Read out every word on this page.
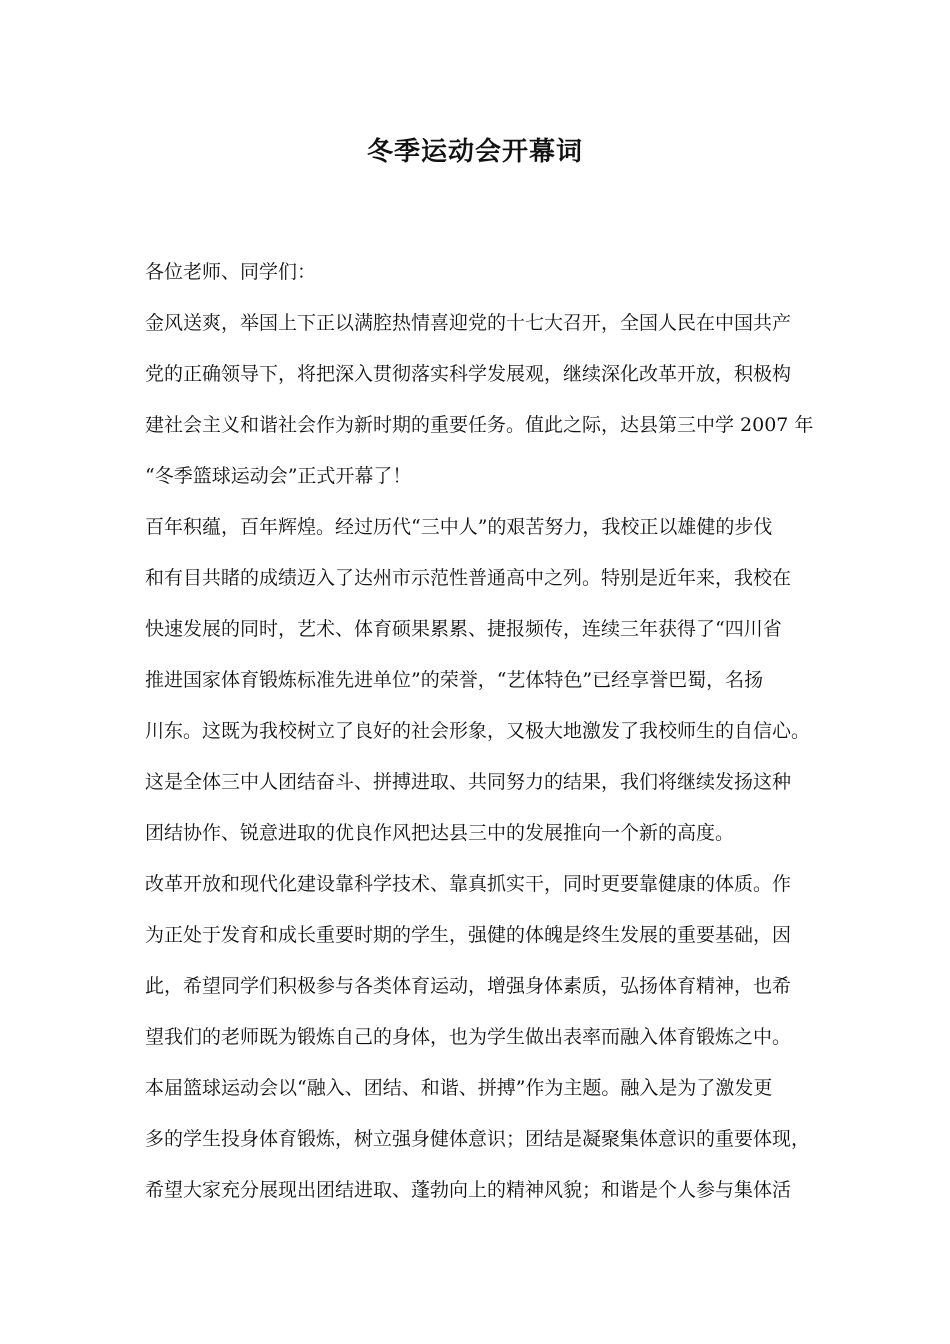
冬季运动会开幕词
各位老师、同学们：
金风送爽，举国上下正以满腔热情喜迎党的十七大召开，全国人民在中国共产
党的正确领导下，将把深入贯彻落实科学发展观，继续深化改革开放，积极构
建社会主义和谐社会作为新时期的重要任务。值此之际，达县第三中学 2007 年
“冬季篮球运动会”正式开幕了！
百年积蕴，百年辉煌。经过历代“三中人”的艰苦努力，我校正以雄健的步伐
和有目共睹的成绩迈入了达州市示范性普通高中之列。特别是近年来，我校在
快速发展的同时，艺术、体育硕果累累、捷报频传，连续三年获得了“四川省
推进国家体育锻炼标准先进单位”的荣誉，“艺体特色”已经享誉巴蜀，名扬
川东。这既为我校树立了良好的社会形象，又极大地激发了我校师生的自信心。
这是全体三中人团结奋斗、拼搏进取、共同努力的结果，我们将继续发扬这种
团结协作、锐意进取的优良作风把达县三中的发展推向一个新的高度。
改革开放和现代化建设靠科学技术、靠真抓实干，同时更要靠健康的体质。作
为正处于发育和成长重要时期的学生，强健的体魄是终生发展的重要基础，因
此，希望同学们积极参与各类体育运动，增强身体素质，弘扬体育精神，也希
望我们的老师既为锻炼自己的身体，也为学生做出表率而融入体育锻炼之中。
本届篮球运动会以“融入、团结、和谐、拼搏”作为主题。融入是为了激发更
多的学生投身体育锻炼，树立强身健体意识；团结是凝聚集体意识的重要体现，
希望大家充分展现出团结进取、蓬勃向上的精神风貌；和谐是个人参与集体活
